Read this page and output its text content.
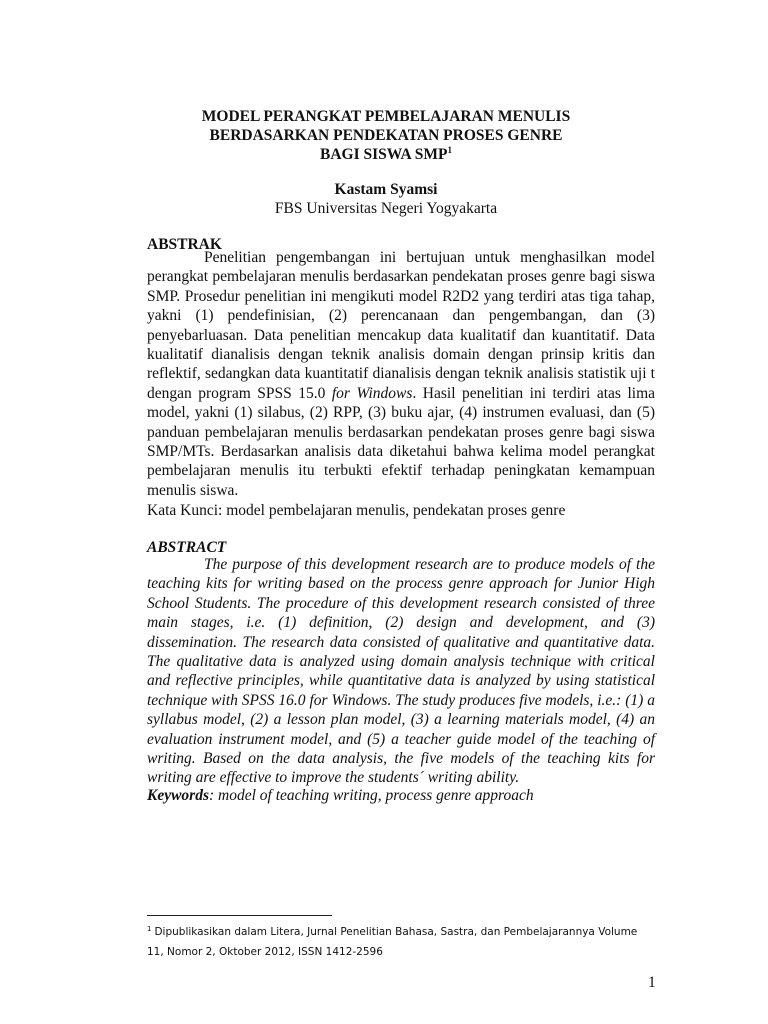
MODEL PERANGKAT PEMBELAJARAN MENULIS
BERDASARKAN PENDEKATAN PROSES GENRE
BAGI SISWA SMP$^1$
Kastam Syamsi
FBS Universitas Negeri Yogyakarta
ABSTRAK

Penelitian pengembangan ini bertujuan untuk menghasilkan model perangkat pembelajaran menulis berdasarkan pendekatan proses genre bagi siswa SMP. Prosedur penelitian ini mengikuti model R2D2 yang terdiri atas tiga tahap, yakni (1) pendefinisian, (2) perencanaan dan pengembangan, dan (3) penyebarluasan. Data penelitian mencakup data kualitatif dan kuantitatif. Data kualitatif dianalisis dengan teknik analisis domain dengan prinsip kritis dan reflektif, sedangkan data kuantitatif dianalisis dengan teknik analisis statistik uji t dengan program SPSS 15.0 for Windows. Hasil penelitian ini terdiri atas lima model, yakni (1) silabus, (2) RPP, (3) buku ajar, (4) instrumen evaluasi, dan (5) panduan pembelajaran menulis berdasarkan pendekatan proses genre bagi siswa SMP/MTs. Berdasarkan analisis data diketahui bahwa kelima model perangkat pembelajaran menulis itu terbukti efektif terhadap peningkatan kemampuan menulis siswa.

Kata Kunci: model pembelajaran menulis, pendekatan proses genre
ABSTRACT

The purpose of this development research are to produce models of the teaching kits for writing based on the process genre approach for Junior High School Students. The procedure of this development research consisted of three main stages, i.e. (1) definition, (2) design and development, and (3) dissemination. The research data consisted of qualitative and quantitative data. The qualitative data is analyzed using domain analysis technique with critical and reflective principles, while quantitative data is analyzed by using statistical technique with SPSS 16.0 for Windows. The study produces five models, i.e.: (1) a syllabus model, (2) a lesson plan model, (3) a learning materials model, (4) an evaluation instrument model, and (5) a teacher guide model of the teaching of writing. Based on the data analysis, the five models of the teaching kits for writing are effective to improve the students´ writing ability.

Keywords: model of teaching writing, process genre approach
$^1$ Dipublikasikan dalam Litera, Jurnal Penelitian Bahasa, Sastra, dan Pembelajarannya Volume 11, Nomor 2, Oktober 2012, ISSN 1412-2596
1
